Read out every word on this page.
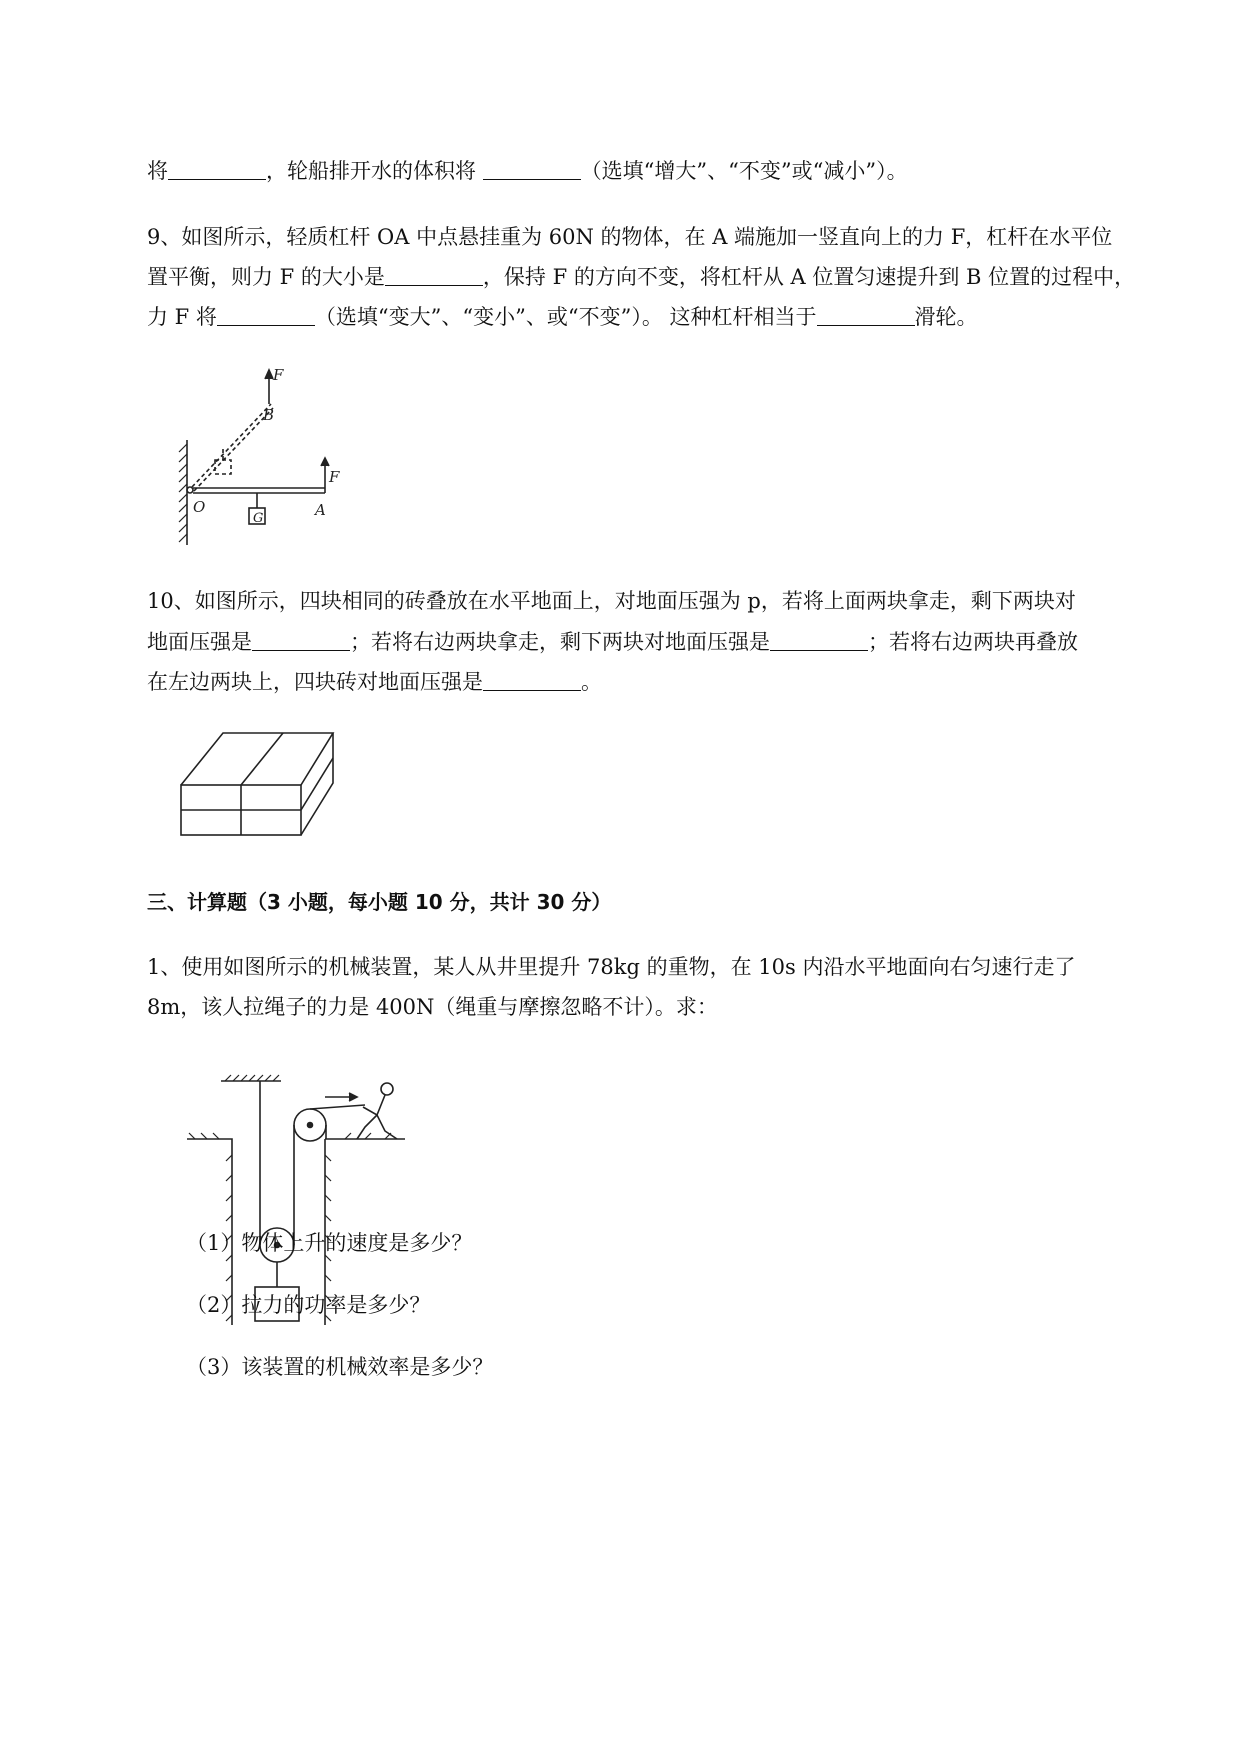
将	，轮船排开水的体积将	（选填“增大”、“不变”或“减小”）。
9、如图所示，轻质杠杆 OA 中点悬挂重为 60N 的物体，在 A 端施加一竖直向上的力 F，杠杆在水平位
置平衡，则力 F 的大小是	，保持 F 的方向不变，将杠杆从 A 位置匀速提升到 B 位置的过程中，
力 F 将	（选填“变大”、“变小”、或“不变”）。 这种杠杆相当于	滑轮。
F
B
F
O
G	A
10、如图所示，四块相同的砖叠放在水平地面上，对地面压强为 p，若将上面两块拿走，剩下两块对
地面压强是	；若将右边两块拿走，剩下两块对地面压强是	；若将右边两块再叠放
在左边两块上，四块砖对地面压强是	。
三、计算题（3 小题，每小题 10 分，共计 30 分）
1、使用如图所示的机械装置，某人从井里提升 78kg 的重物，在 10s 内沿水平地面向右匀速行走了
8m，该人拉绳子的力是 400N（绳重与摩擦忽略不计）。求：
（1）物体上升的速度是多少？
（2）拉力的功率是多少？
（3）该装置的机械效率是多少？
